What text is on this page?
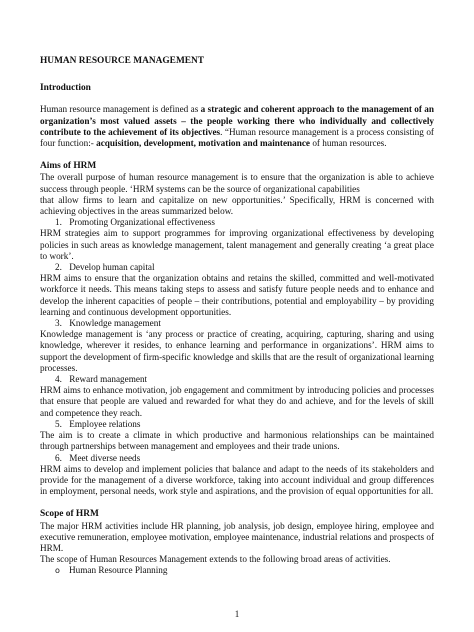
HUMAN RESOURCE MANAGEMENT

Introduction

Human resource management is defined as a strategic and coherent approach to the management of an organization’s most valued assets – the people working there who individually and collectively contribute to the achievement of its objectives. “Human resource management is a process consisting of four function:- acquisition, development, motivation and maintenance of human resources.

Aims of HRM

The overall purpose of human resource management is to ensure that the organization is able to achieve success through people. ‘HRM systems can be the source of organizational capabilities

that allow firms to learn and capitalize on new opportunities.’ Specifically, HRM is concerned with achieving objectives in the areas summarized below.

1. Promoting Organizational effectiveness

HRM strategies aim to support programmes for improving organizational effectiveness by developing policies in such areas as knowledge management, talent management and generally creating ‘a great place to work’.

2. Develop human capital

HRM aims to ensure that the organization obtains and retains the skilled, committed and well-motivated workforce it needs. This means taking steps to assess and satisfy future people needs and to enhance and develop the inherent capacities of people – their contributions, potential and employability – by providing learning and continuous development opportunities.

3. Knowledge management

Knowledge management is ‘any process or practice of creating, acquiring, capturing, sharing and using knowledge, wherever it resides, to enhance learning and performance in organizations’. HRM aims to support the development of firm-specific knowledge and skills that are the result of organizational learning processes.

4. Reward management

HRM aims to enhance motivation, job engagement and commitment by introducing policies and processes that ensure that people are valued and rewarded for what they do and achieve, and for the levels of skill and competence they reach.

5. Employee relations

The aim is to create a climate in which productive and harmonious relationships can be maintained through partnerships between management and employees and their trade unions.

6. Meet diverse needs

HRM aims to develop and implement policies that balance and adapt to the needs of its stakeholders and provide for the management of a diverse workforce, taking into account individual and group differences in employment, personal needs, work style and aspirations, and the provision of equal opportunities for all.

Scope of HRM

The major HRM activities include HR planning, job analysis, job design, employee hiring, employee and executive remuneration, employee motivation, employee maintenance, industrial relations and prospects of HRM.

The scope of Human Resources Management extends to the following broad areas of activities.

o Human Resource Planning

1
